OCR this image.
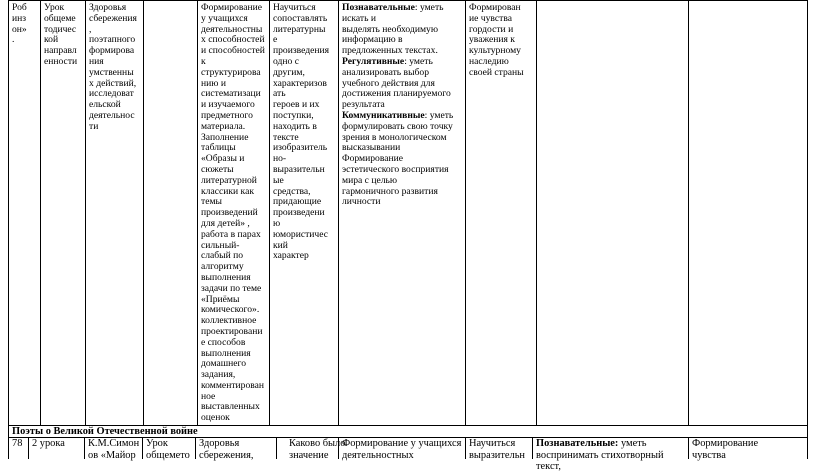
Роб
инз
он»
.
Урок
общеме
тодичес
кой
направл
енности
Здоровья
сбережения
,
поэтапного
формирова
ния
умственны
х действий,
исследоват
ельской
деятельнос
ти
Формирование
у учащихся
деятельностны
х способностей
и способностей
к
структурирова
нию и
систематизаци
и изучаемого
предметного
материала.
Заполнение
таблицы
«Образы и
сюжеты
литературной
классики как
темы
произведений
для детей» ,
работа в парах
сильный-
слабый по
алгоритму
выполнения
задачи по теме
«Приёмы
комического».
коллективное
проектировани
е способов
выполнения
домашнего
задания,
комментирован
ное
выставленных
оценок
Научиться
сопоставлять
литературны
е
произведения
одно с
другим,
характеризов
ать
героев и их
поступки,
находить в
тексте
изобразитель
но-
выразительн
ые
средства,
придающие
произведени
ю
юмористичес
кий
характер
Познавательные: уметь
искать и
выделять необходимую
информацию в
предложенных текстах.
Регулятивные: уметь
анализировать выбор
учебного действия для
достижения планируемого
результата
Коммуникативные: уметь
формулировать свою точку
зрения в монологическом
высказывании
Формирование
эстетического восприятия
мира с целью
гармоничного развития
личности
Формирован
ие чувства
гордости и
уважения к
культурному
наследию
своей страны
Поэты о Великой Отечественной войне
78 2 урока К.М.Симон
ов «Майор
Урок
общемето
Здоровья
сбережения,
Каково было
значение
Формирование у учащихся
деятельностных
Научиться
выразительн
Познавательные: уметь
воспринимать стихотворный текст,
Формирование
чувства
